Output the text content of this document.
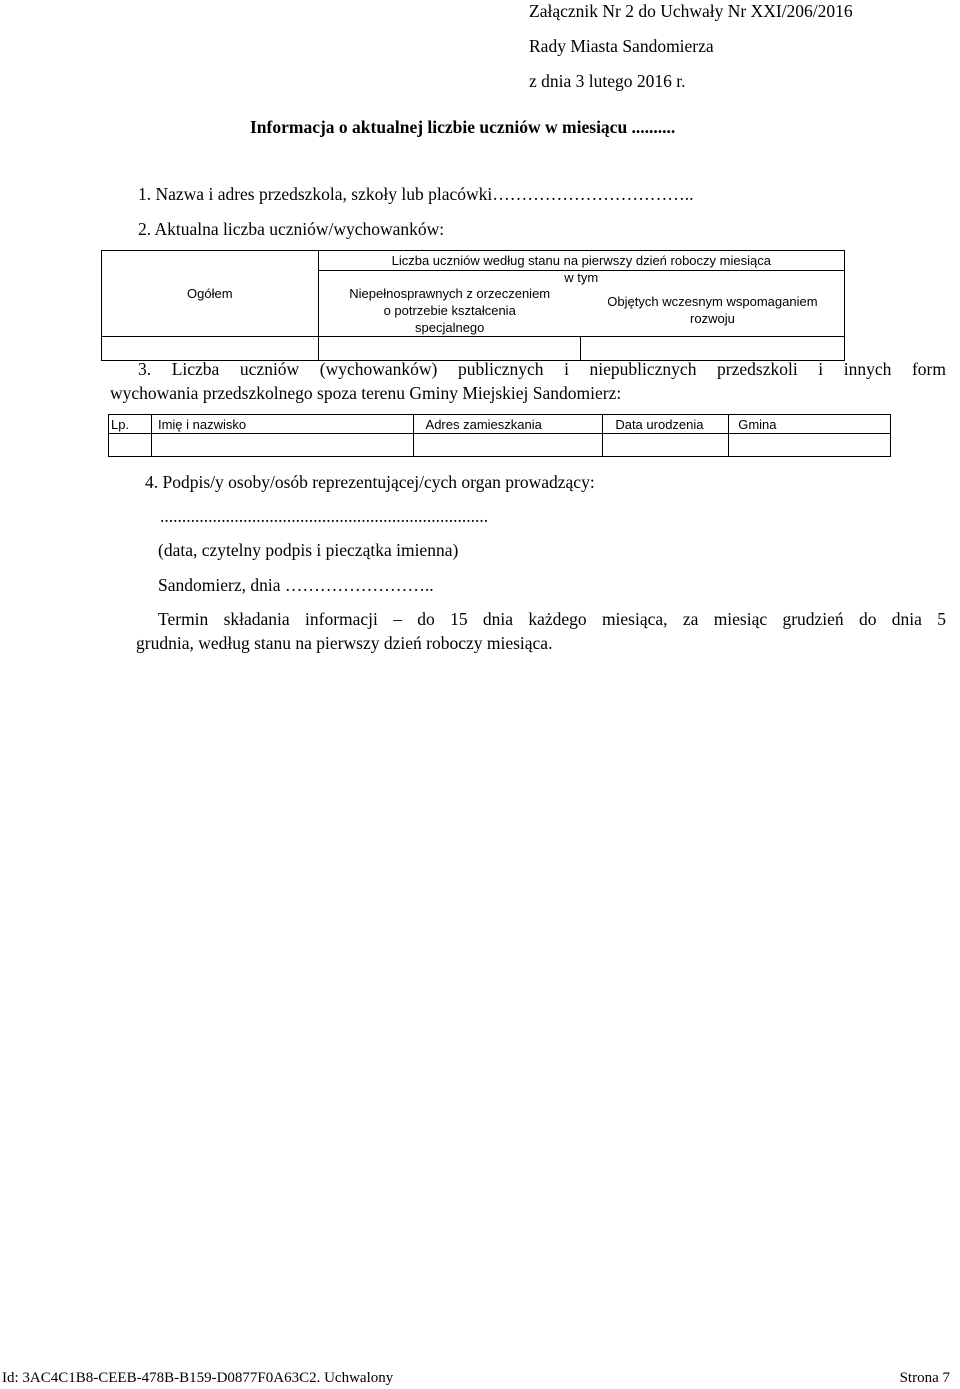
Załącznik Nr 2 do Uchwały Nr XXI/206/2016
Rady Miasta Sandomierza
z dnia 3 lutego 2016 r.
Informacja o aktualnej liczbie uczniów w miesiącu ..........
1. Nazwa i adres przedszkola, szkoły lub placówki……………………………..
2. Aktualna liczba uczniów/wychowanków:
Ogółem	Liczba uczniów według stanu na pierwszy dzień roboczy miesiąca	
	w tym	
	Niepełnosprawnych z orzeczeniem o potrzebie kształcenia specjalnego	Objętych wczesnym wspomaganiem rozwoju

3. Liczba uczniów (wychowanków) publicznych i niepublicznych przedszkoli i innych form
wychowania przedszkolnego spoza terenu Gminy Miejskiej Sandomierz:
Lp.	Imię i nazwisko	Adres zamieszkania	Data urodzenia	Gmina

4. Podpis/y osoby/osób reprezentującej/cych organ prowadzący:
...........................................................................
(data, czytelny podpis i pieczątka imienna)
Sandomierz, dnia ……………………..
Termin składania informacji – do 15 dnia każdego miesiąca, za miesiąc grudzień do dnia 5
grudnia, według stanu na pierwszy dzień roboczy miesiąca.
Id: 3AC4C1B8-CEEB-478B-B159-D0877F0A63C2. Uchwalony	Strona 7
